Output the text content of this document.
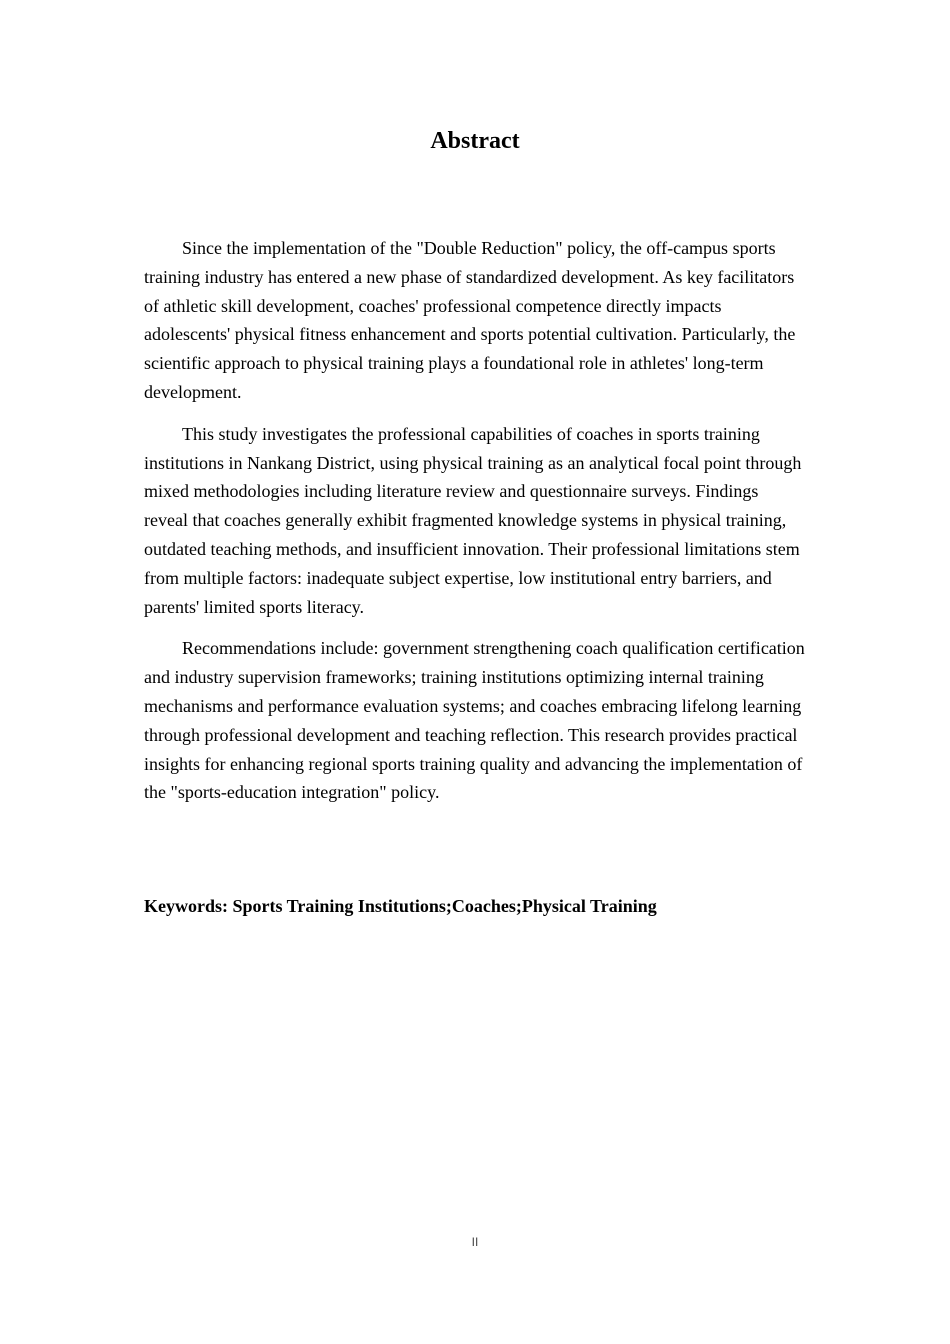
Abstract

Since the implementation of the "Double Reduction" policy, the off-campus sports training industry has entered a new phase of standardized development. As key facilitators of athletic skill development, coaches' professional competence directly impacts adolescents' physical fitness enhancement and sports potential cultivation. Particularly, the scientific approach to physical training plays a foundational role in athletes' long-term development.

This study investigates the professional capabilities of coaches in sports training institutions in Nankang District, using physical training as an analytical focal point through mixed methodologies including literature review and questionnaire surveys. Findings reveal that coaches generally exhibit fragmented knowledge systems in physical training, outdated teaching methods, and insufficient innovation. Their professional limitations stem from multiple factors: inadequate subject expertise, low institutional entry barriers, and parents' limited sports literacy.

Recommendations include: government strengthening coach qualification certification and industry supervision frameworks; training institutions optimizing internal training mechanisms and performance evaluation systems; and coaches embracing lifelong learning through professional development and teaching reflection. This research provides practical insights for enhancing regional sports training quality and advancing the implementation of the "sports-education integration" policy.

Keywords: Sports Training Institutions;Coaches;Physical Training

II
